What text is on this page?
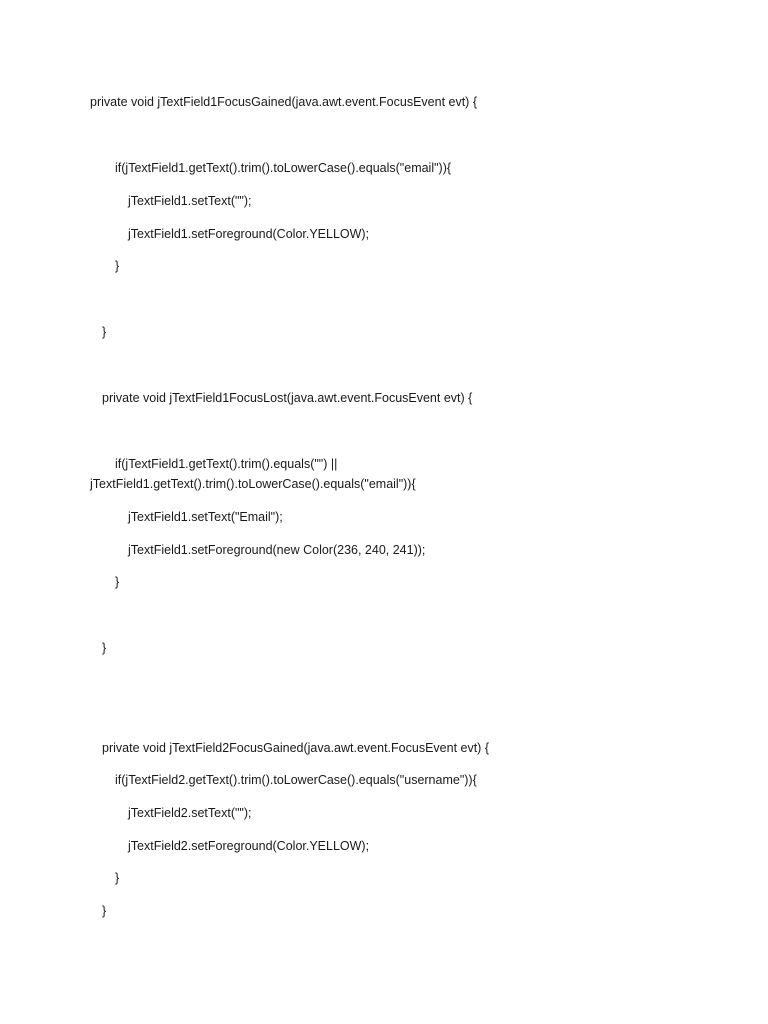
private void jTextField1FocusGained(java.awt.event.FocusEvent evt) {
if(jTextField1.getText().trim().toLowerCase().equals("email")){
jTextField1.setText("");
jTextField1.setForeground(Color.YELLOW);
}
}
private void jTextField1FocusLost(java.awt.event.FocusEvent evt) {
if(jTextField1.getText().trim().equals("") ||
jTextField1.getText().trim().toLowerCase().equals("email")){
jTextField1.setText("Email");
jTextField1.setForeground(new Color(236, 240, 241));
}
}
private void jTextField2FocusGained(java.awt.event.FocusEvent evt) {
if(jTextField2.getText().trim().toLowerCase().equals("username")){
jTextField2.setText("");
jTextField2.setForeground(Color.YELLOW);
}
}
